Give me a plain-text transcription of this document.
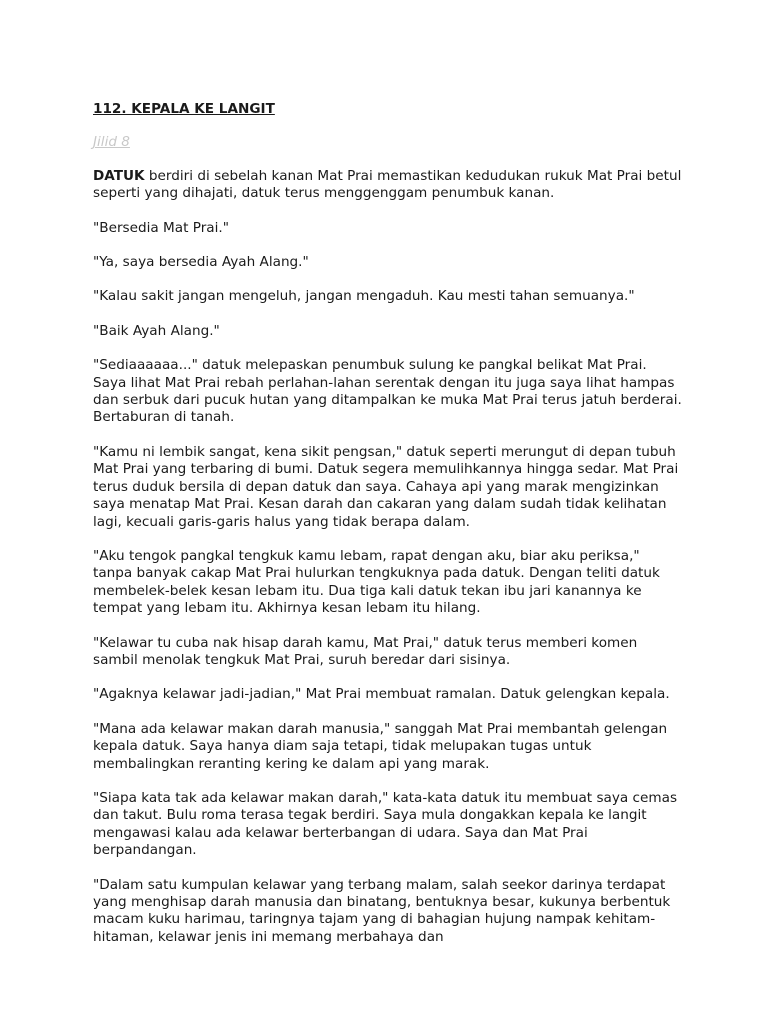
112. KEPALA KE LANGIT
Jilid 8
DATUK berdiri di sebelah kanan Mat Prai memastikan kedudukan rukuk Mat Prai betul seperti yang dihajati, datuk terus menggenggam penumbuk kanan.
"Bersedia Mat Prai."
"Ya, saya bersedia Ayah Alang."
"Kalau sakit jangan mengeluh, jangan mengaduh. Kau mesti tahan semuanya."
"Baik Ayah Alang."
"Sediaaaaaa..." datuk melepaskan penumbuk sulung ke pangkal belikat Mat Prai. Saya lihat Mat Prai rebah perlahan-lahan serentak dengan itu juga saya lihat hampas dan serbuk dari pucuk hutan yang ditampalkan ke muka Mat Prai terus jatuh berderai. Bertaburan di tanah.
"Kamu ni lembik sangat, kena sikit pengsan," datuk seperti merungut di depan tubuh Mat Prai yang terbaring di bumi. Datuk segera memulihkannya hingga sedar. Mat Prai terus duduk bersila di depan datuk dan saya. Cahaya api yang marak mengizinkan saya menatap Mat Prai. Kesan darah dan cakaran yang dalam sudah tidak kelihatan lagi, kecuali garis-garis halus yang tidak berapa dalam.
"Aku tengok pangkal tengkuk kamu lebam, rapat dengan aku, biar aku periksa," tanpa banyak cakap Mat Prai hulurkan tengkuknya pada datuk. Dengan teliti datuk membelek-belek kesan lebam itu. Dua tiga kali datuk tekan ibu jari kanannya ke tempat yang lebam itu. Akhirnya kesan lebam itu hilang.
"Kelawar tu cuba nak hisap darah kamu, Mat Prai," datuk terus memberi komen sambil menolak tengkuk Mat Prai, suruh beredar dari sisinya.
"Agaknya kelawar jadi-jadian," Mat Prai membuat ramalan. Datuk gelengkan kepala.
"Mana ada kelawar makan darah manusia," sanggah Mat Prai membantah gelengan kepala datuk. Saya hanya diam saja tetapi, tidak melupakan tugas untuk membalingkan reranting kering ke dalam api yang marak.
"Siapa kata tak ada kelawar makan darah," kata-kata datuk itu membuat saya cemas dan takut. Bulu roma terasa tegak berdiri. Saya mula dongakkan kepala ke langit mengawasi kalau ada kelawar berterbangan di udara. Saya dan Mat Prai berpandangan.
"Dalam satu kumpulan kelawar yang terbang malam, salah seekor darinya terdapat yang menghisap darah manusia dan binatang, bentuknya besar, kukunya berbentuk macam kuku harimau, taringnya tajam yang di bahagian hujung nampak kehitam-hitaman, kelawar jenis ini memang merbahaya dan
